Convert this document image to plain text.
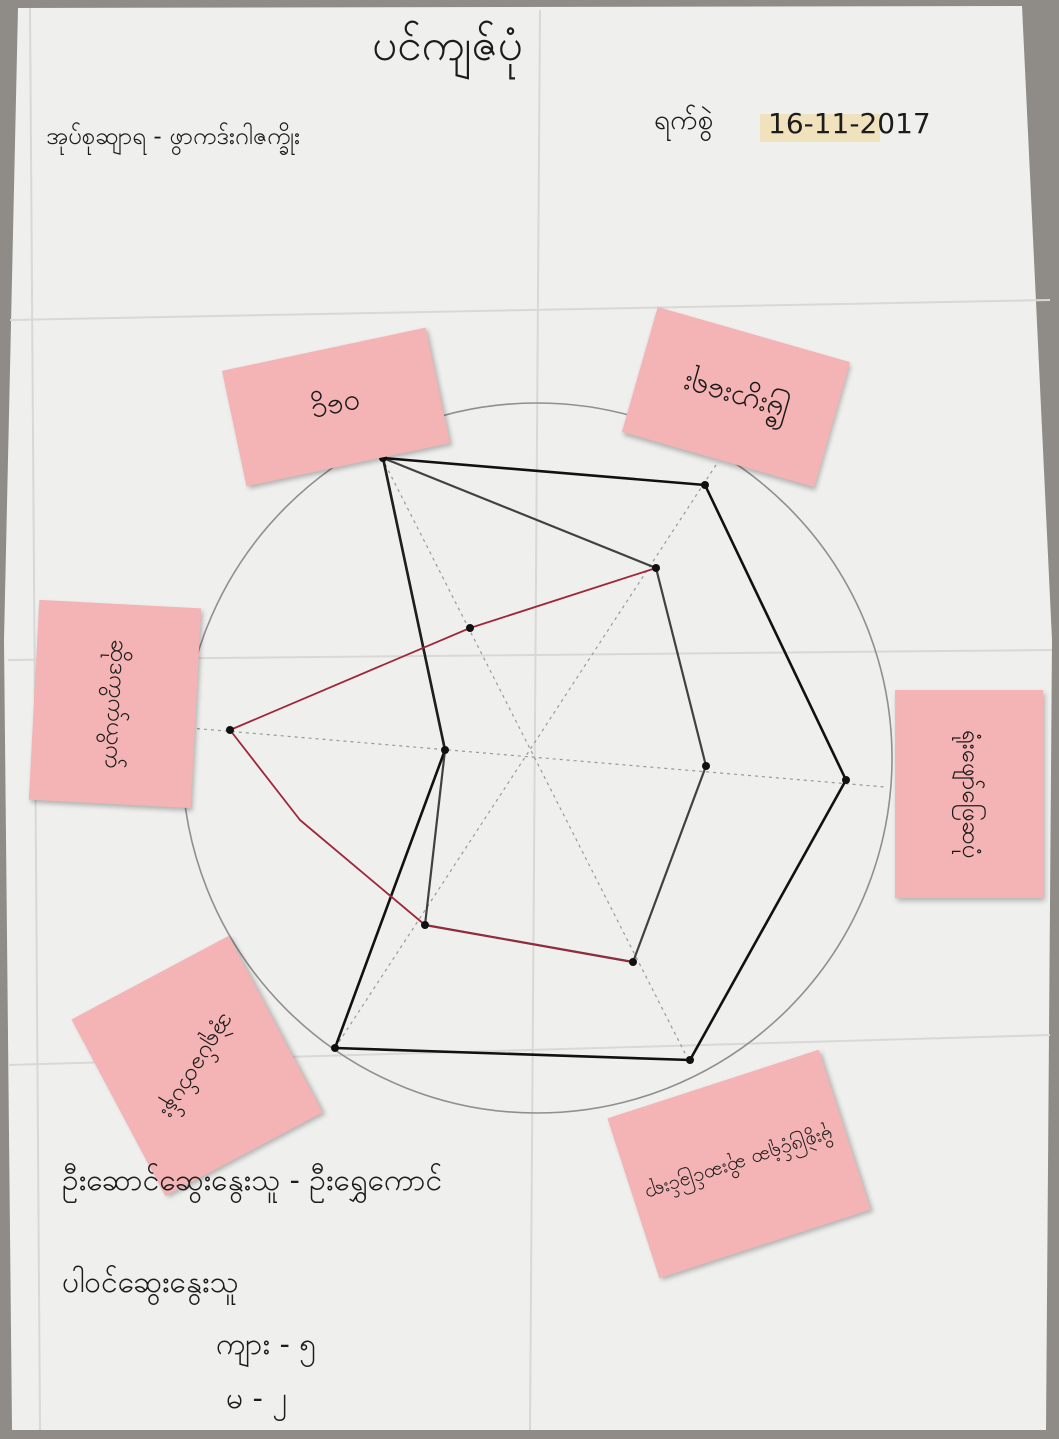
ပင်ကျဇ်ပုံ
အုပ်စုဆျာရ - ဖွာကဒ်းဂါဇက္ခိုး	ရက်စွဲ 16-11-2017
ဝငွေ	မြီးပွားရေး
ဆိုဒကွက်ယွက်
ရုံးဖျော်ဖြေဆပုံ
အဲ့ရုပ်ခတ်ပန်း
မိုးစွဲဖြင့်ရုံဆ ဆိုးဆင်ခြင်းရာ
ဦးဆောင်ဆွေးနွေးသူ - ဦးရွှေကောင်
ပါဝင်ဆွေးနွေးသူ
ကျား - ၅
မ - ၂
